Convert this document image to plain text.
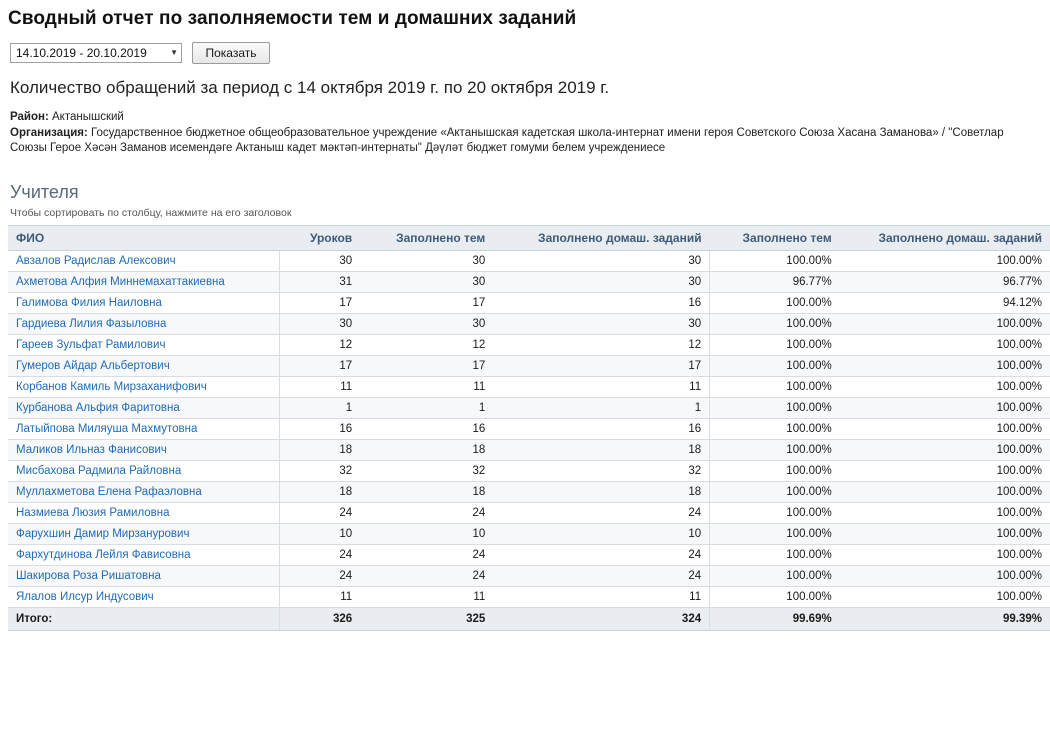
Сводный отчет по заполняемости тем и домашних заданий
14.10.2019 - 20.10.2019	▼	Показать
Количество обращений за период с 14 октября 2019 г. по 20 октября 2019 г.
Район: Актанышский
Организация: Государственное бюджетное общеобразовательное учреждение «Актанышская кадетская школа-интернат имени героя Советского Союза Хасана Заманова» / "Советлар Союзы Герое Хәсән Заманов исемендәге Актаныш кадет мәктәп-интернаты" Дәүләт бюджет гомуми белем учреждениесе
Учителя
Чтобы сортировать по столбцу, нажмите на его заголовок
ФИО	Уроков	Заполнено тем	Заполнено домаш. заданий	Заполнено тем	Заполнено домаш. заданий
Авзалов Радислав Алексович	30	30	30	100.00%	100.00%
Ахметова Алфия Миннемахаттакиевна	31	30	30	96.77%	96.77%
Галимова Филия Наиловна	17	17	16	100.00%	94.12%
Гардиева Лилия Фазыловна	30	30	30	100.00%	100.00%
Гареев Зульфат Рамилович	12	12	12	100.00%	100.00%
Гумеров Айдар Альбертович	17	17	17	100.00%	100.00%
Корбанов Камиль Мирзаханифович	11	11	11	100.00%	100.00%
Курбанова Альфия Фаритовна	1	1	1	100.00%	100.00%
Латыйпова Миляуша Махмутовна	16	16	16	100.00%	100.00%
Маликов Ильназ Фанисович	18	18	18	100.00%	100.00%
Мисбахова Радмила Райловна	32	32	32	100.00%	100.00%
Муллахметова Елена Рафаэловна	18	18	18	100.00%	100.00%
Назмиева Люзия Рамиловна	24	24	24	100.00%	100.00%
Фарухшин Дамир Мирзанурович	10	10	10	100.00%	100.00%
Фархутдинова Лейля Фависовна	24	24	24	100.00%	100.00%
Шакирова Роза Ришатовна	24	24	24	100.00%	100.00%
Ялалов Илсур Индусович	11	11	11	100.00%	100.00%
Итого:	326	325	324	99.69%	99.39%
